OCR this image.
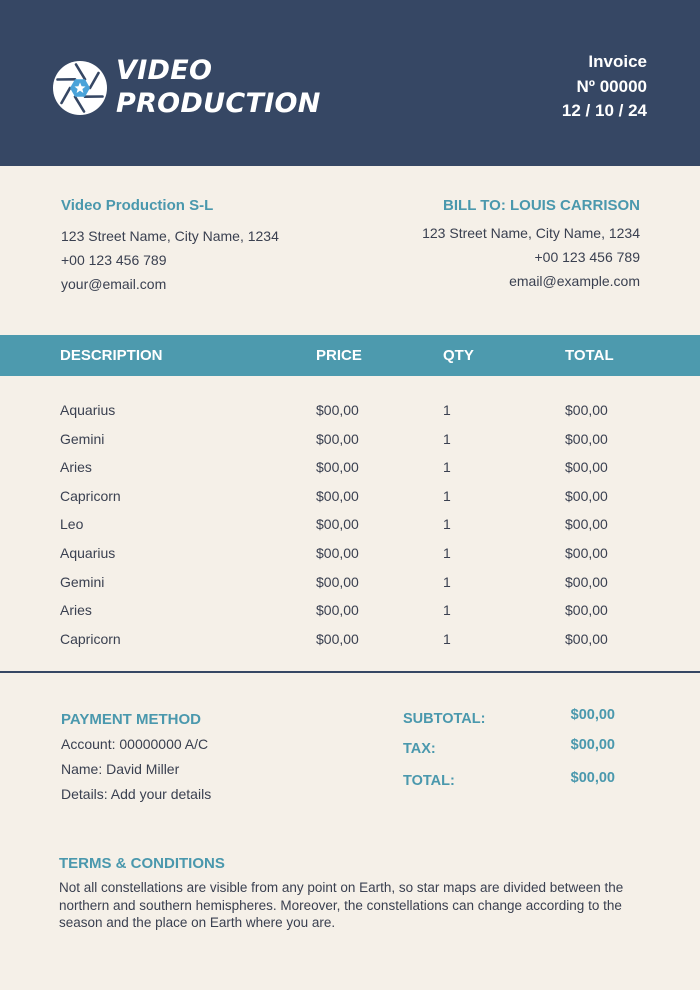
VIDEO
PRODUCTION
Invoice
Nº 00000
12 / 10 / 24
Video Production S-L
123 Street Name, City Name, 1234
+00 123 456 789
your@email.com
BILL TO: LOUIS CARRISON
123 Street Name, City Name, 1234
+00 123 456 789
email@example.com
DESCRIPTION	PRICE	QTY	TOTAL
Aquarius	$00,00	1	$00,00
Gemini	$00,00	1	$00,00
Aries	$00,00	1	$00,00
Capricorn	$00,00	1	$00,00
Leo	$00,00	1	$00,00
Aquarius	$00,00	1	$00,00
Gemini	$00,00	1	$00,00
Aries	$00,00	1	$00,00
Capricorn	$00,00	1	$00,00
PAYMENT METHOD
Account: 00000000 A/C
Name: David Miller
Details: Add your details
SUBTOTAL:	$00,00
TAX:	$00,00
TOTAL:	$00,00
TERMS & CONDITIONS
Not all constellations are visible from any point on Earth, so star maps are divided between the northern and southern hemispheres. Moreover, the constellations can change according to the season and the place on Earth where you are.
